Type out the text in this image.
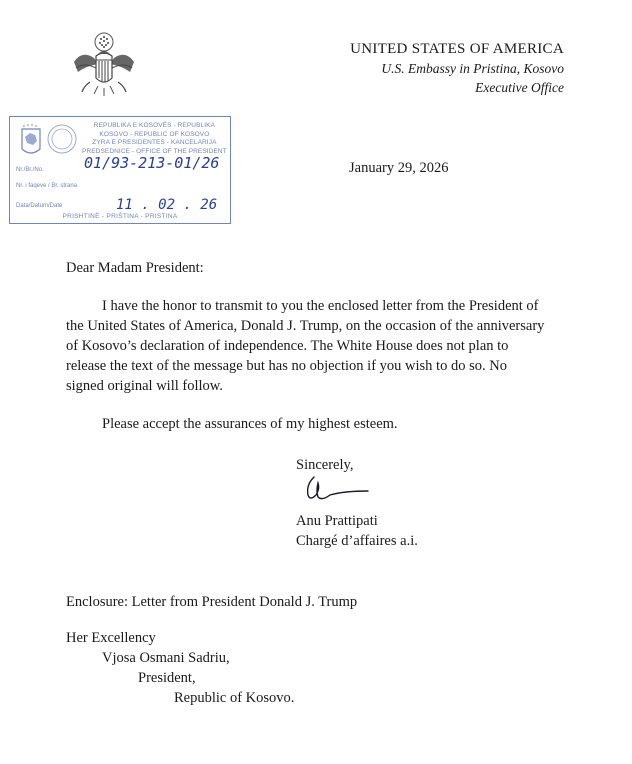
UNITED STATES OF AMERICA
U.S. Embassy in Pristina, Kosovo
Executive Office
REPUBLIKA E KOSOVËS - REPUBLIKA
KOSOVO - REPUBLIC OF KOSOVO
ZYRA E PRESIDENTES - KANCELARIJA
PREDSEDNICE - OFFICE OF THE PRESIDENT
Nr./Br./No.
Nr. i faqeve / Br. strana
Data/Datum/Date
PRISHTINË - PRIŠTINA - PRISTINA
01/93-213-01/26
11 . 02 . 26
January 29, 2026
Dear Madam President:
I have the honor to transmit to you the enclosed letter from the President of
the United States of America, Donald J. Trump, on the occasion of the anniversary
of Kosovo’s declaration of independence. The White House does not plan to
release the text of the message but has no objection if you wish to do so. No
signed original will follow.
Please accept the assurances of my highest esteem.
Sincerely,
Anu Prattipati
Chargé d’affaires a.i.
Enclosure: Letter from President Donald J. Trump
Her Excellency
Vjosa Osmani Sadriu,
President,
Republic of Kosovo.
